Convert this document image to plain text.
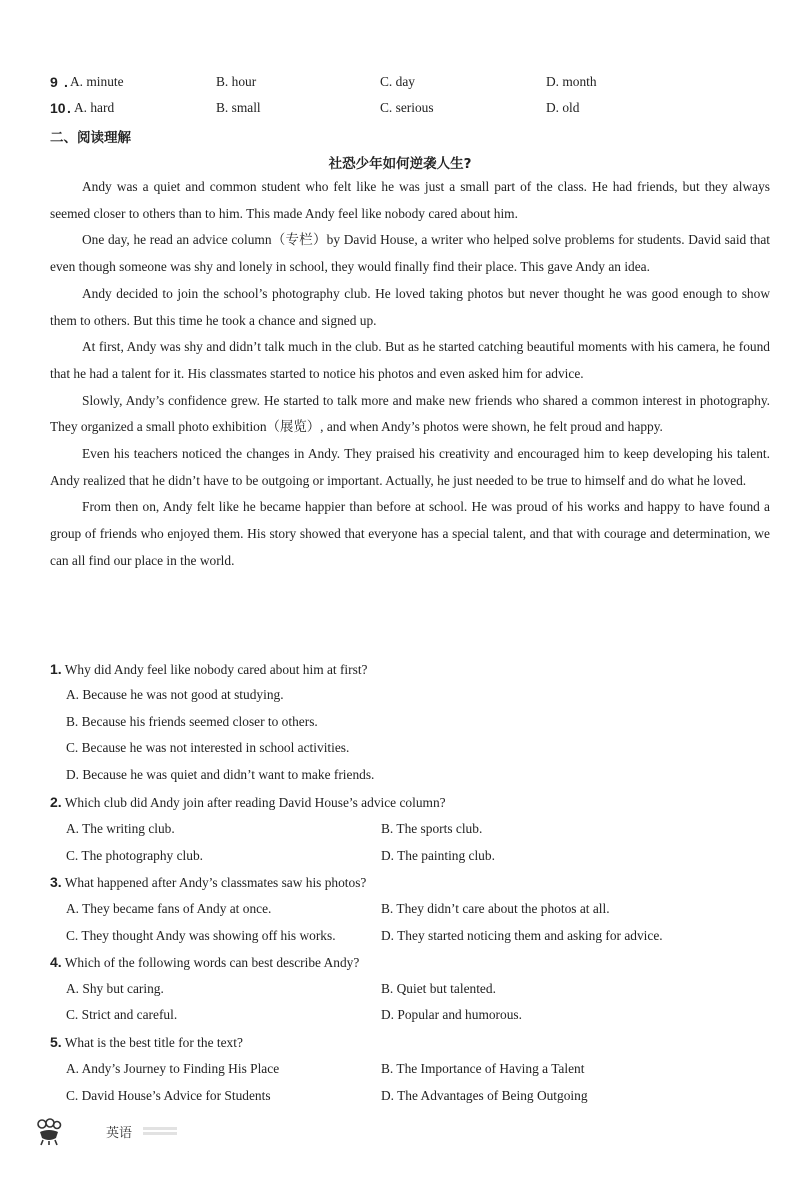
9 . A. minute	B. hour	C. day	D. month
10 . A. hard	B. small	C. serious	D. old
二、阅读理解
社恐少年如何逆袭人生?

Andy was a quiet and common student who felt like he was just a small part of the class. He had friends, but they always seemed closer to others than to him. This made Andy feel like nobody cared about him.

One day, he read an advice column（专栏）by David House, a writer who helped solve problems for students. David said that even though someone was shy and lonely in school, they would finally find their place. This gave Andy an idea.

Andy decided to join the school’s photography club. He loved taking photos but never thought he was good enough to show them to others. But this time he took a chance and signed up.

At first, Andy was shy and didn’t talk much in the club. But as he started catching beautiful moments with his camera, he found that he had a talent for it. His classmates started to notice his photos and even asked him for advice.

Slowly, Andy’s confidence grew. He started to talk more and make new friends who shared a common interest in photography. They organized a small photo exhibition（展览）, and when Andy’s photos were shown, he felt proud and happy.

Even his teachers noticed the changes in Andy. They praised his creativity and encouraged him to keep developing his talent. Andy realized that he didn’t have to be outgoing or important. Actually, he just needed to be true to himself and do what he loved.

From then on, Andy felt like he became happier than before at school. He was proud of his works and happy to have found a group of friends who enjoyed them. His story showed that everyone has a special talent, and that with courage and determination, we can all find our place in the world.

1. Why did Andy feel like nobody cared about him at first?
A. Because he was not good at studying.
B. Because his friends seemed closer to others.
C. Because he was not interested in school activities.
D. Because he was quiet and didn’t want to make friends.
2. Which club did Andy join after reading David House’s advice column?
A. The writing club.	B. The sports club.
C. The photography club.	D. The painting club.
3. What happened after Andy’s classmates saw his photos?
A. They became fans of Andy at once.	B. They didn’t care about the photos at all.
C. They thought Andy was showing off his works.	D. They started noticing them and asking for advice.
4. Which of the following words can best describe Andy?
A. Shy but caring.	B. Quiet but talented.
C. Strict and careful.	D. Popular and humorous.
5. What is the best title for the text?
A. Andy’s Journey to Finding His Place	B. The Importance of Having a Talent
C. David House’s Advice for Students	D. The Advantages of Being Outgoing
英语
